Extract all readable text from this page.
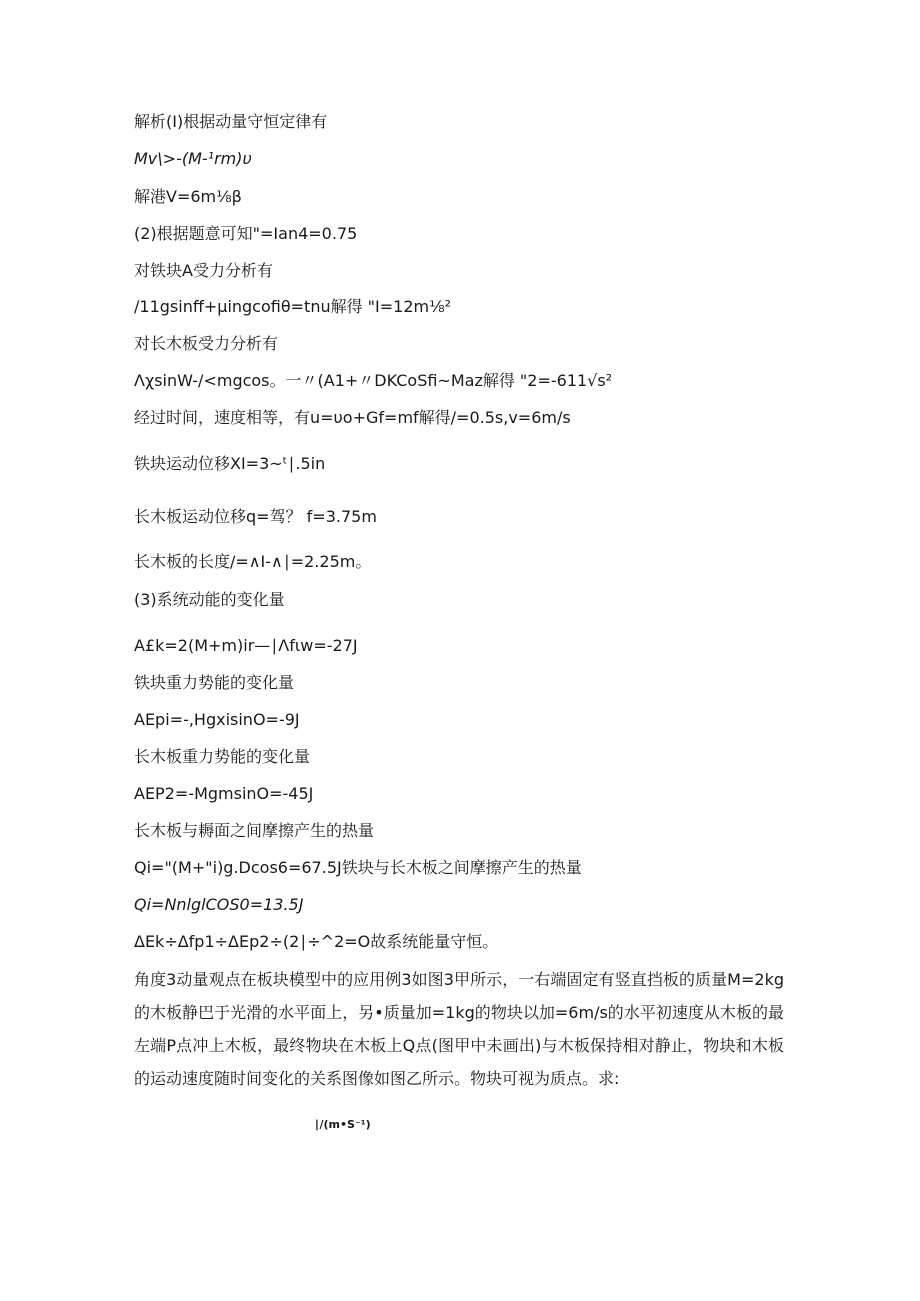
解析(I)根据动量守恒定律有
Mv\>-(M-¹rm)υ
解港V=6m⅛β
(2)根据题意可知"=Ian4=0.75
对铁块A受力分析有
∕11gsinff+μingcofiθ=tnu解得 "I=12m⅛²
对长木板受力分析有
ΛχsinW-∕<mgcos。一〃(A1+〃DKCoSfi~Maz解得 "2=-611√s²
经过时间，速度相等，有u=υo+Gf=mf解得/=0.5s,v=6m/s
铁块运动位移XI=3~ᵗ∣.5in
长木板运动位移q=驾？ f=3.75m
长木板的长度/=∧I-∧∣=2.25m。
(3)系统动能的变化量
A£k=2(M+m)ir—∣Λfιw=-27J
铁块重力势能的变化量
AEpi=-,HgxisinO=-9J
长木板重力势能的变化量
AEP2=-MgmsinO=-45J
长木板与耨面之间摩擦产生的热量
Qi="(M+"i)g.Dcos6=67.5J铁块与长木板之间摩擦产生的热量
Qi=NnlglCOS0=13.5J
ΔEk÷Δfp1÷ΔEp2÷(2∣÷^2=O故系统能量守恒。
角度3动量观点在板块模型中的应用例3如图3甲所示，一右端固定有竖直挡板的质量M=2kg的木板静巴于光滑的水平面上，另•质量加=1kg的物块以加=6m/s的水平初速度从木板的最左端P点冲上木板，最终物块在木板上Q点(图甲中未画出)与木板保持相对静止，物块和木板的运动速度随时间变化的关系图像如图乙所示。物块可视为质点。求:
∣∕(m•S⁻¹)
